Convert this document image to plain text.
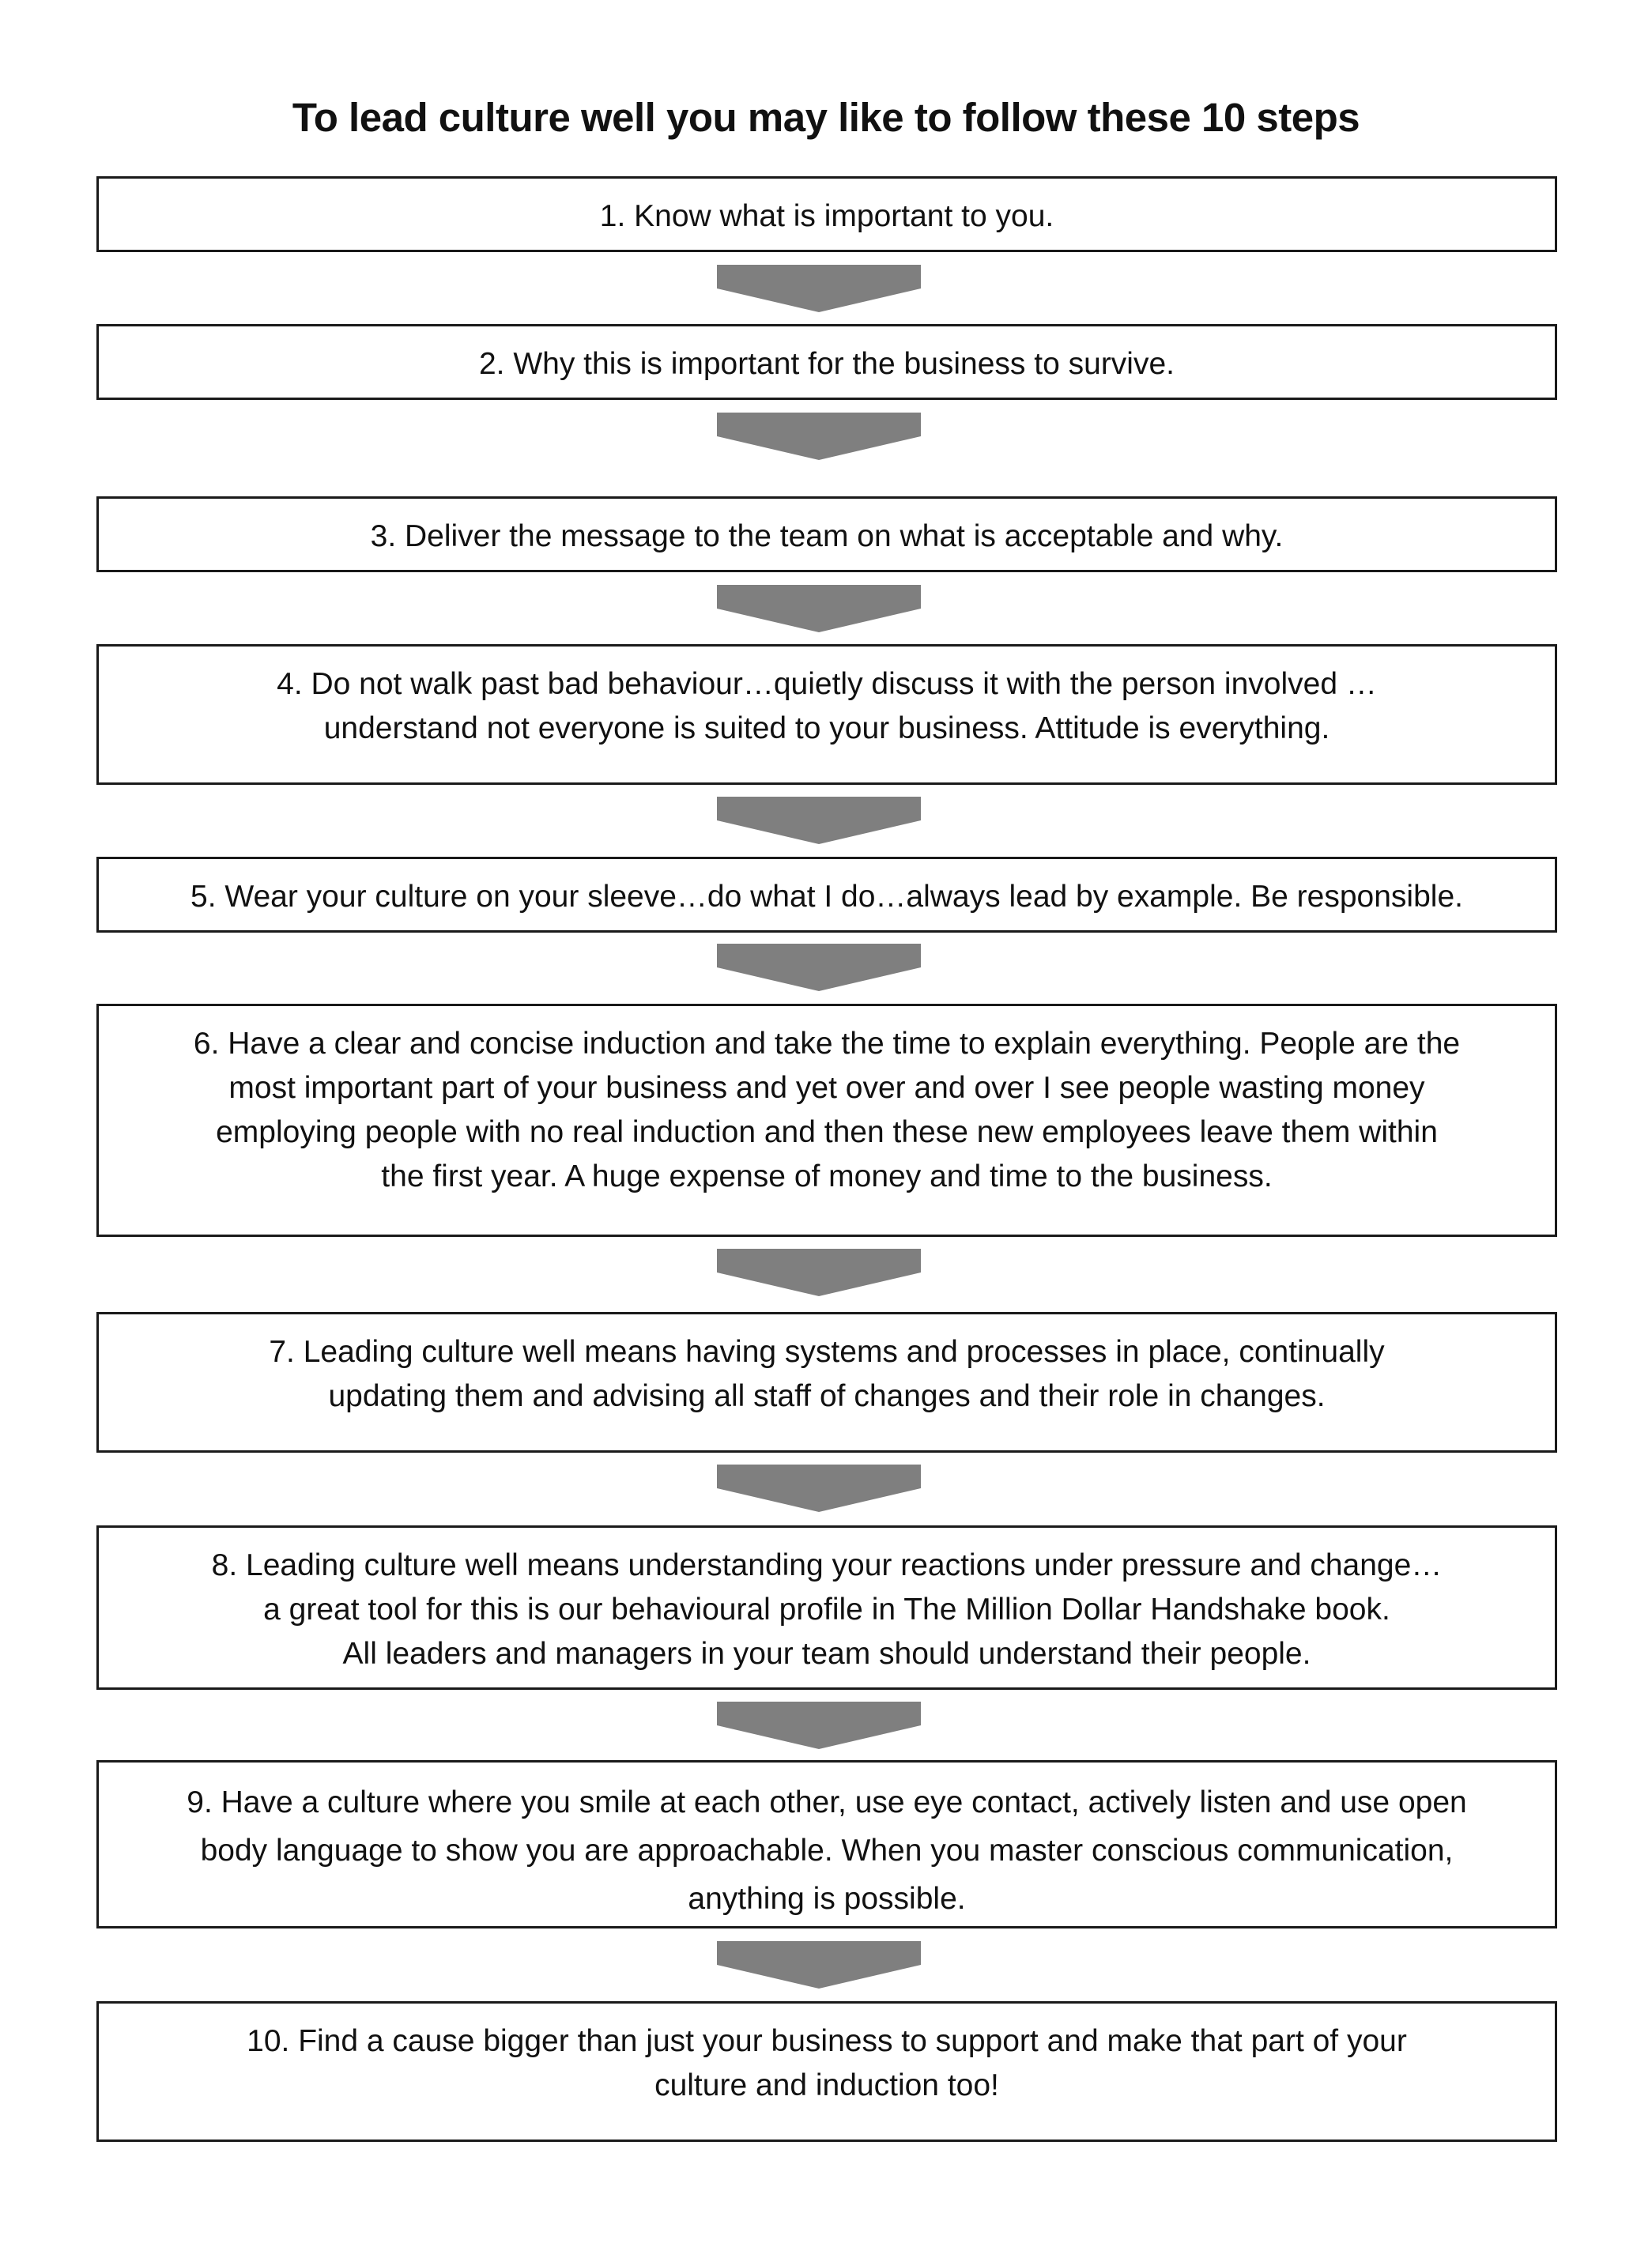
To lead culture well you may like to follow these 10 steps
1. Know what is important to you.
2. Why this is important for the business to survive.
3. Deliver the message to the team on what is acceptable and why.
4. Do not walk past bad behaviour…quietly discuss it with the person involved …
understand not everyone is suited to your business. Attitude is everything.
5. Wear your culture on your sleeve…do what I do…always lead by example. Be responsible.
6. Have a clear and concise induction and take the time to explain everything. People are the
most important part of your business and yet over and over I see people wasting money
employing people with no real induction and then these new employees leave them within
the first year. A huge expense of money and time to the business.
7. Leading culture well means having systems and processes in place, continually
updating them and advising all staff of changes and their role in changes.
8. Leading culture well means understanding your reactions under pressure and change…
a great tool for this is our behavioural profile in The Million Dollar Handshake book.
All leaders and managers in your team should understand their people.
9. Have a culture where you smile at each other, use eye contact, actively listen and use open
body language to show you are approachable. When you master conscious communication,
anything is possible.
10. Find a cause bigger than just your business to support and make that part of your
culture and induction too!
